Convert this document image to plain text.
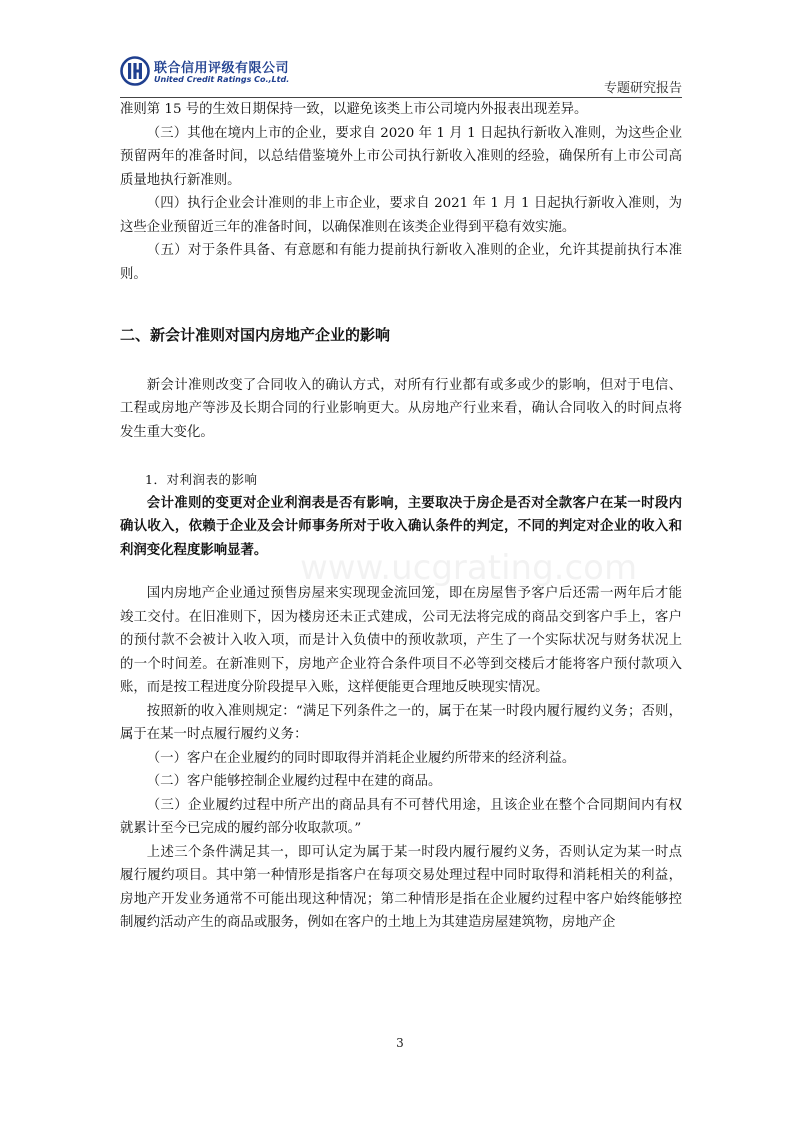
联合信用评级有限公司
United Credit Ratings Co.,Ltd.
专题研究报告
www.ucgrating.com

准则第 15 号的生效日期保持一致，以避免该类上市公司境内外报表出现差异。

（三）其他在境内上市的企业，要求自 2020 年 1 月 1 日起执行新收入准则，为这些企业预留两年的准备时间，以总结借鉴境外上市公司执行新收入准则的经验，确保所有上市公司高质量地执行新准则。

（四）执行企业会计准则的非上市企业，要求自 2021 年 1 月 1 日起执行新收入准则，为这些企业预留近三年的准备时间，以确保准则在该类企业得到平稳有效实施。

（五）对于条件具备、有意愿和有能力提前执行新收入准则的企业，允许其提前执行本准则。

二、新会计准则对国内房地产企业的影响

新会计准则改变了合同收入的确认方式，对所有行业都有或多或少的影响，但对于电信、工程或房地产等涉及长期合同的行业影响更大。从房地产行业来看，确认合同收入的时间点将发生重大变化。

1．对利润表的影响

会计准则的变更对企业利润表是否有影响，主要取决于房企是否对全款客户在某一时段内确认收入，依赖于企业及会计师事务所对于收入确认条件的判定，不同的判定对企业的收入和利润变化程度影响显著。

国内房地产企业通过预售房屋来实现现金流回笼，即在房屋售予客户后还需一两年后才能竣工交付。在旧准则下，因为楼房还未正式建成，公司无法将完成的商品交到客户手上，客户的预付款不会被计入收入项，而是计入负债中的预收款项，产生了一个实际状况与财务状况上的一个时间差。在新准则下，房地产企业符合条件项目不必等到交楼后才能将客户预付款项入账，而是按工程进度分阶段提早入账，这样便能更合理地反映现实情况。

按照新的收入准则规定：“满足下列条件之一的，属于在某一时段内履行履约义务；否则，属于在某一时点履行履约义务：

（一）客户在企业履约的同时即取得并消耗企业履约所带来的经济利益。

（二）客户能够控制企业履约过程中在建的商品。

（三）企业履约过程中所产出的商品具有不可替代用途，且该企业在整个合同期间内有权就累计至今已完成的履约部分收取款项。”

上述三个条件满足其一，即可认定为属于某一时段内履行履约义务，否则认定为某一时点履行履约项目。其中第一种情形是指客户在每项交易处理过程中同时取得和消耗相关的利益，房地产开发业务通常不可能出现这种情况；第二种情形是指在企业履约过程中客户始终能够控制履约活动产生的商品或服务，例如在客户的土地上为其建造房屋建筑物，房地产企

3
